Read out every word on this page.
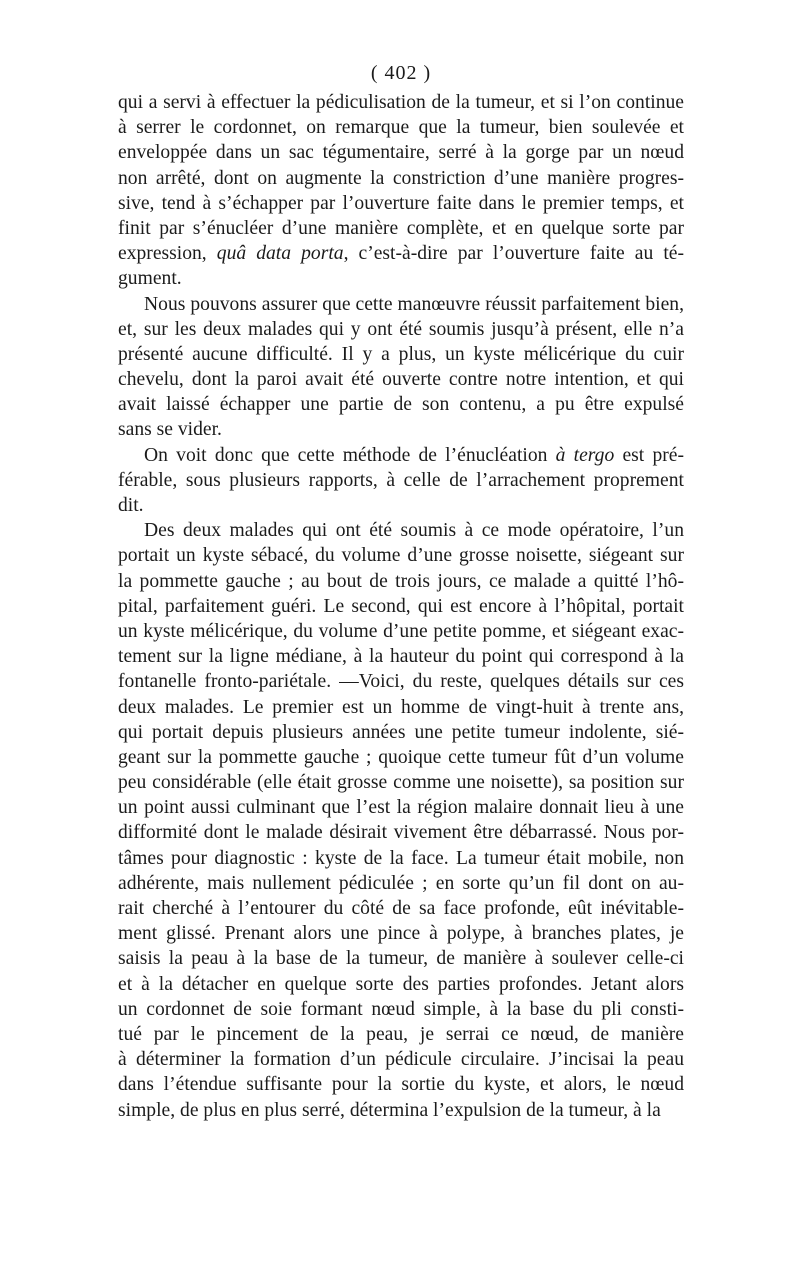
( 402 )
qui a servi à effectuer la pédiculisation de la tumeur, et si l’on continue
à serrer le cordonnet, on remarque que la tumeur, bien soulevée et
enveloppée dans un sac tégumentaire, serré à la gorge par un nœud
non arrêté, dont on augmente la constriction d’une manière progres-
sive, tend à s’échapper par l’ouverture faite dans le premier temps, et
finit par s’énucléer d’une manière complète, et en quelque sorte par
expression, quâ data porta, c’est-à-dire par l’ouverture faite au té-
gument.
Nous pouvons assurer que cette manœuvre réussit parfaitement bien,
et, sur les deux malades qui y ont été soumis jusqu’à présent, elle n’a
présenté aucune difficulté. Il y a plus, un kyste mélicérique du cuir
chevelu, dont la paroi avait été ouverte contre notre intention, et qui
avait laissé échapper une partie de son contenu, a pu être expulsé
sans se vider.
On voit donc que cette méthode de l’énucléation à tergo est pré-
férable, sous plusieurs rapports, à celle de l’arrachement proprement
dit.
Des deux malades qui ont été soumis à ce mode opératoire, l’un
portait un kyste sébacé, du volume d’une grosse noisette, siégeant sur
la pommette gauche ; au bout de trois jours, ce malade a quitté l’hô-
pital, parfaitement guéri. Le second, qui est encore à l’hôpital, portait
un kyste mélicérique, du volume d’une petite pomme, et siégeant exac-
tement sur la ligne médiane, à la hauteur du point qui correspond à la
fontanelle fronto-pariétale. —Voici, du reste, quelques détails sur ces
deux malades. Le premier est un homme de vingt-huit à trente ans,
qui portait depuis plusieurs années une petite tumeur indolente, sié-
geant sur la pommette gauche ; quoique cette tumeur fût d’un volume
peu considérable (elle était grosse comme une noisette), sa position sur
un point aussi culminant que l’est la région malaire donnait lieu à une
difformité dont le malade désirait vivement être débarrassé. Nous por-
tâmes pour diagnostic : kyste de la face. La tumeur était mobile, non
adhérente, mais nullement pédiculée ; en sorte qu’un fil dont on au-
rait cherché à l’entourer du côté de sa face profonde, eût inévitable-
ment glissé. Prenant alors une pince à polype, à branches plates, je
saisis la peau à la base de la tumeur, de manière à soulever celle-ci
et à la détacher en quelque sorte des parties profondes. Jetant alors
un cordonnet de soie formant nœud simple, à la base du pli consti-
tué par le pincement de la peau, je serrai ce nœud, de manière
à déterminer la formation d’un pédicule circulaire. J’incisai la peau
dans l’étendue suffisante pour la sortie du kyste, et alors, le nœud
simple, de plus en plus serré, détermina l’expulsion de la tumeur, à la
